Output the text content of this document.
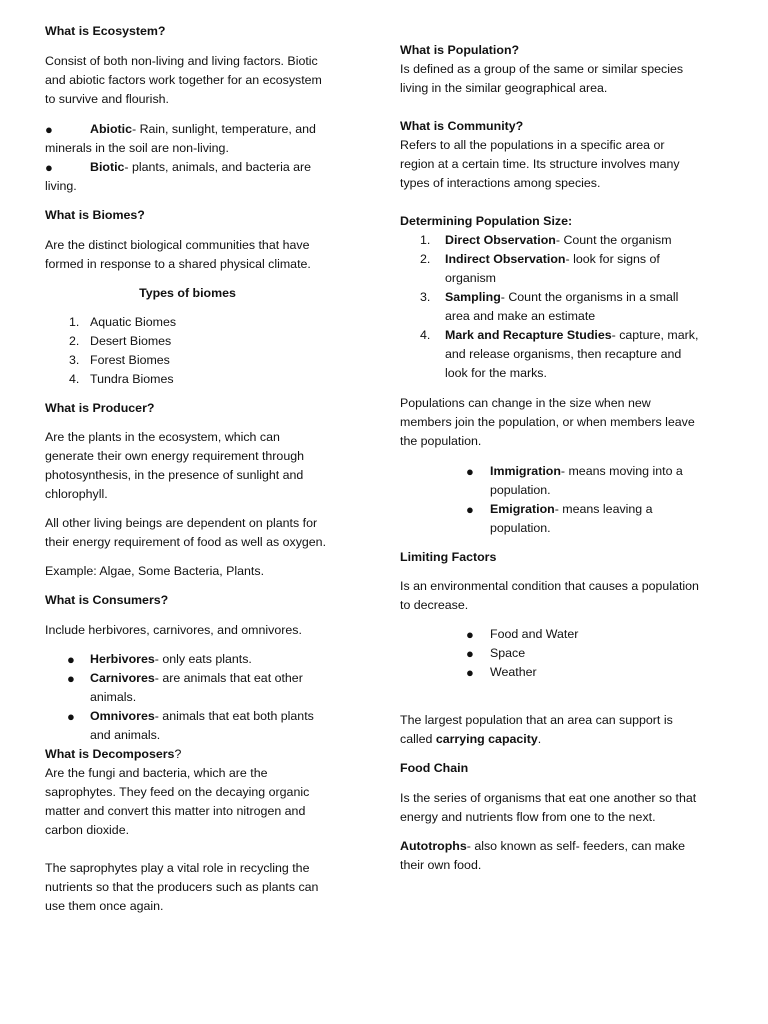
What is Ecosystem?

Consist of both non-living and living factors. Biotic and abiotic factors work together for an ecosystem to survive and flourish.

●	Abiotic- Rain, sunlight, temperature, and minerals in the soil are non-living.
●	Biotic- plants, animals, and bacteria are living.

What is Biomes?

Are the distinct biological communities that have formed in response to a shared physical climate.

Types of biomes

1. Aquatic Biomes
2. Desert Biomes
3. Forest Biomes
4. Tundra Biomes

What is Producer?

Are the plants in the ecosystem, which can generate their own energy requirement through photosynthesis, in the presence of sunlight and chlorophyll.

All other living beings are dependent on plants for their energy requirement of food as well as oxygen.

Example: Algae, Some Bacteria, Plants.

What is Consumers?

Include herbivores, carnivores, and omnivores.

● Herbivores- only eats plants.
● Carnivores- are animals that eat other animals.
● Omnivores- animals that eat both plants and animals.

What is Decomposers?

Are the fungi and bacteria, which are the saprophytes. They feed on the decaying organic matter and convert this matter into nitrogen and carbon dioxide.

The saprophytes play a vital role in recycling the nutrients so that the producers such as plants can use them once again.

What is Population?

Is defined as a group of the same or similar species living in the similar geographical area.

What is Community?

Refers to all the populations in a specific area or region at a certain time. Its structure involves many types of interactions among species.

Determining Population Size:

1. Direct Observation- Count the organism
2. Indirect Observation- look for signs of organism
3. Sampling- Count the organisms in a small area and make an estimate
4. Mark and Recapture Studies- capture, mark, and release organisms, then recapture and look for the marks.

Populations can change in the size when new members join the population, or when members leave the population.

● Immigration- means moving into a population.
● Emigration- means leaving a population.

Limiting Factors

Is an environmental condition that causes a population to decrease.

● Food and Water
● Space
● Weather

The largest population that an area can support is called carrying capacity.

Food Chain

Is the series of organisms that eat one another so that energy and nutrients flow from one to the next.

Autotrophs- also known as self- feeders, can make their own food.
